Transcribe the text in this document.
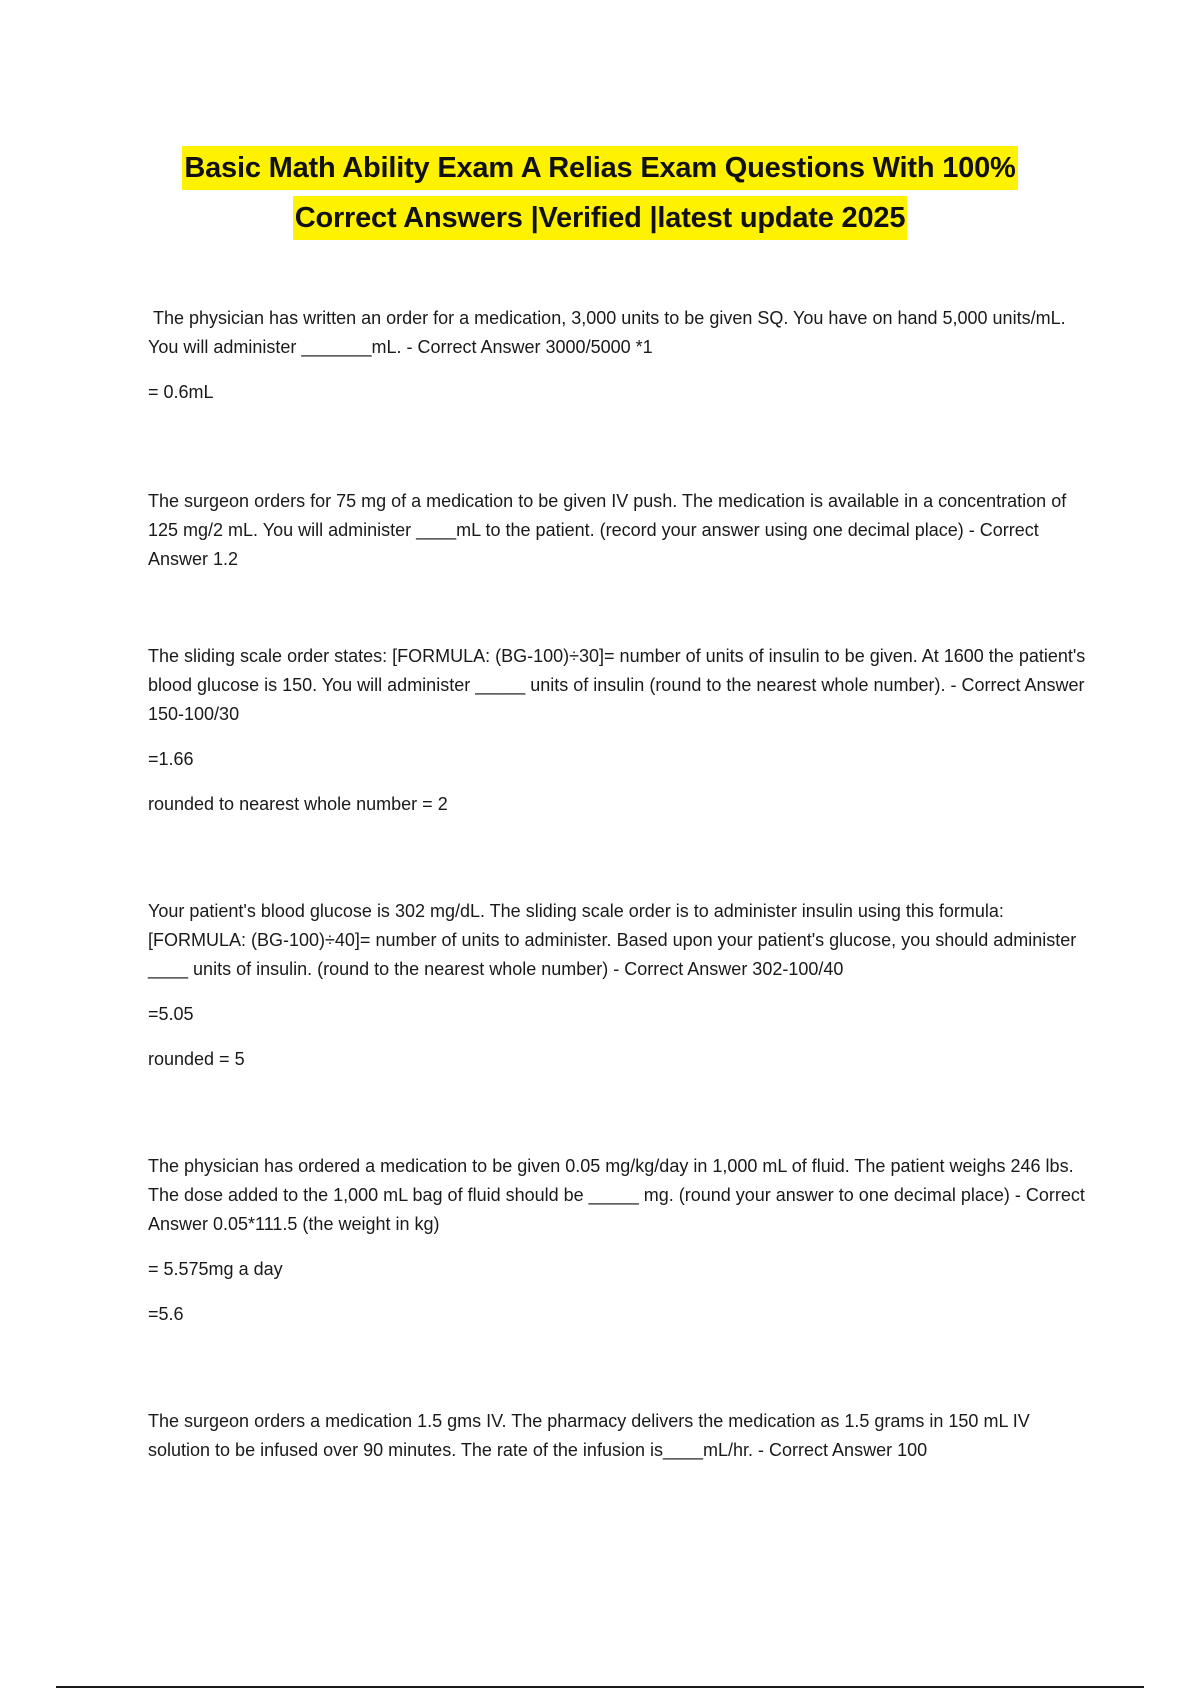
Basic Math Ability Exam A Relias Exam Questions With 100%
Correct Answers |Verified |latest update 2025

The physician has written an order for a medication, 3,000 units to be given SQ. You have on hand 5,000 units/mL. You will administer _______mL. - Correct Answer 3000/5000 *1

= 0.6mL

The surgeon orders for 75 mg of a medication to be given IV push. The medication is available in a concentration of 125 mg/2 mL. You will administer ____mL to the patient. (record your answer using one decimal place) - Correct Answer 1.2

The sliding scale order states: [FORMULA: (BG-100)÷30]= number of units of insulin to be given. At 1600 the patient's blood glucose is 150. You will administer _____ units of insulin (round to the nearest whole number). - Correct Answer 150-100/30

=1.66

rounded to nearest whole number = 2

Your patient's blood glucose is 302 mg/dL. The sliding scale order is to administer insulin using this formula: [FORMULA: (BG-100)÷40]= number of units to administer. Based upon your patient's glucose, you should administer ____ units of insulin. (round to the nearest whole number) - Correct Answer 302-100/40

=5.05

rounded = 5

The physician has ordered a medication to be given 0.05 mg/kg/day in 1,000 mL of fluid. The patient weighs 246 lbs. The dose added to the 1,000 mL bag of fluid should be _____ mg. (round your answer to one decimal place) - Correct Answer 0.05*111.5 (the weight in kg)

= 5.575mg a day

=5.6

The surgeon orders a medication 1.5 gms IV. The pharmacy delivers the medication as 1.5 grams in 150 mL IV solution to be infused over 90 minutes. The rate of the infusion is____mL/hr. - Correct Answer 100
